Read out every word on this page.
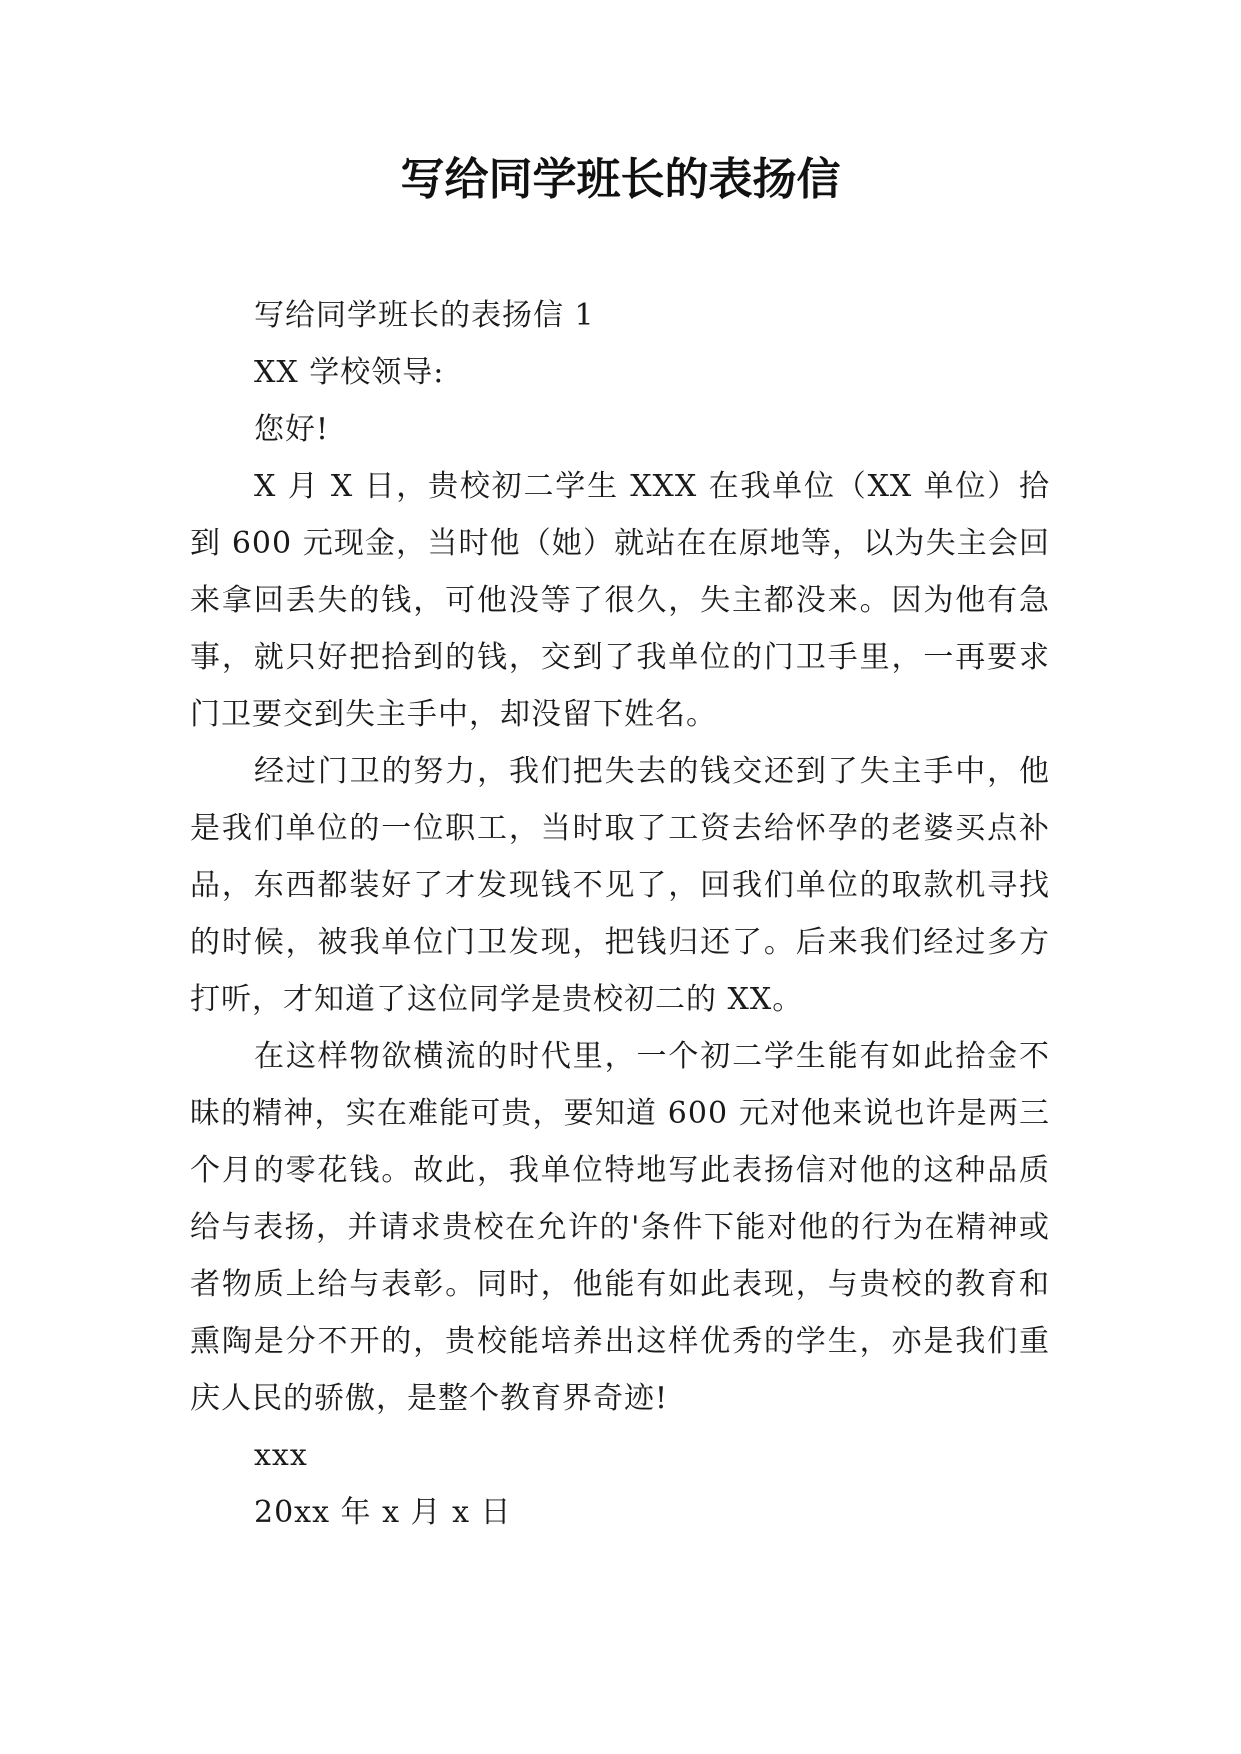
写给同学班长的表扬信

写给同学班长的表扬信 1

XX 学校领导:

您好!

X 月 X 日，贵校初二学生 XXX 在我单位（XX 单位）拾到 600 元现金，当时他（她）就站在在原地等，以为失主会回来拿回丢失的钱，可他没等了很久，失主都没来。因为他有急事，就只好把拾到的钱，交到了我单位的门卫手里，一再要求门卫要交到失主手中，却没留下姓名。

经过门卫的努力，我们把失去的钱交还到了失主手中，他是我们单位的一位职工，当时取了工资去给怀孕的老婆买点补品，东西都装好了才发现钱不见了，回我们单位的取款机寻找的时候，被我单位门卫发现，把钱归还了。后来我们经过多方打听，才知道了这位同学是贵校初二的 XX。

在这样物欲横流的时代里，一个初二学生能有如此拾金不昧的精神，实在难能可贵，要知道 600 元对他来说也许是两三个月的零花钱。故此，我单位特地写此表扬信对他的这种品质给与表扬，并请求贵校在允许的'条件下能对他的行为在精神或者物质上给与表彰。同时，他能有如此表现，与贵校的教育和熏陶是分不开的，贵校能培养出这样优秀的学生，亦是我们重庆人民的骄傲，是整个教育界奇迹!

xxx

20xx 年 x 月 x 日
